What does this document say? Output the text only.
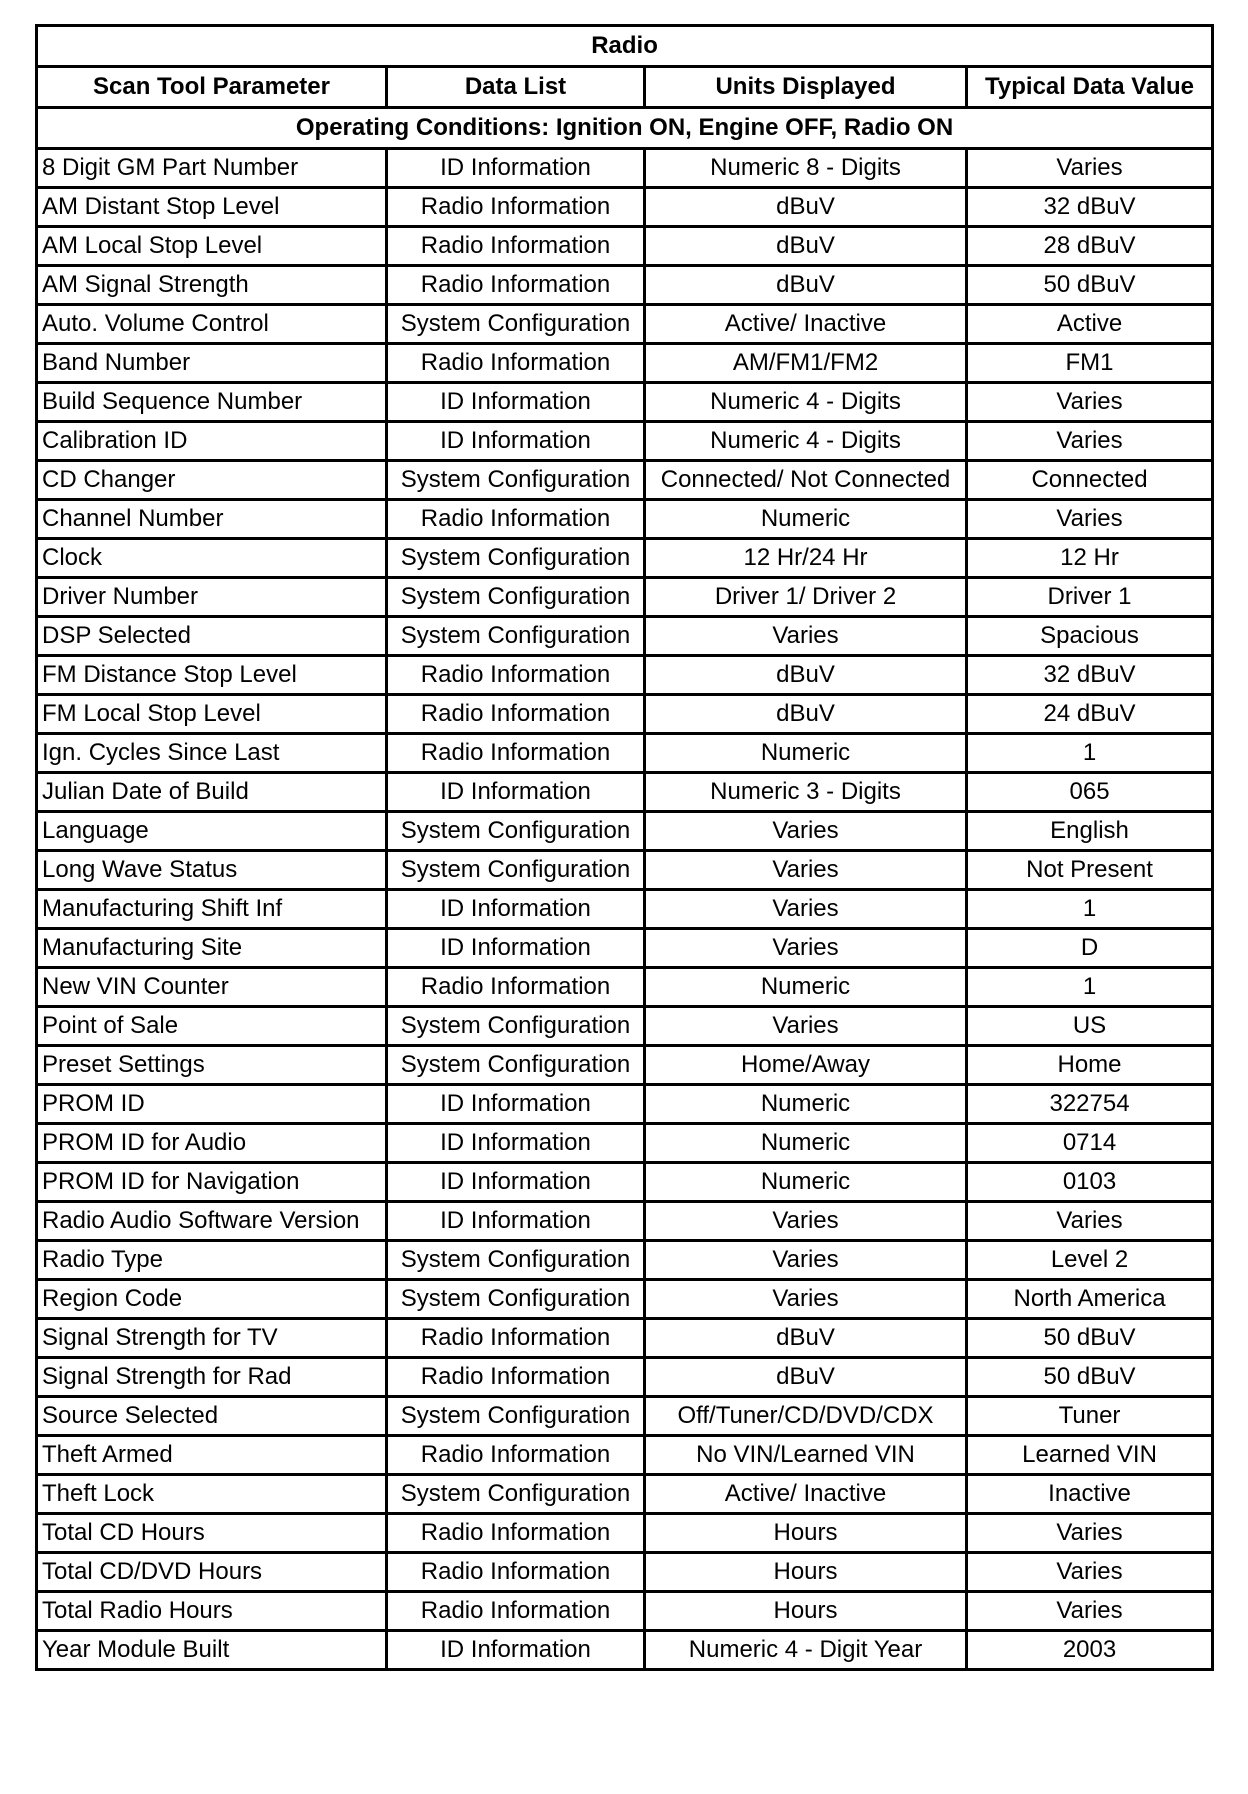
Radio			
Scan Tool Parameter	Data List	Units Displayed	Typical Data Value
Operating Conditions: Ignition ON, Engine OFF, Radio ON			
8 Digit GM Part Number	ID Information	Numeric 8 - Digits	Varies
AM Distant Stop Level	Radio Information	dBuV	32 dBuV
AM Local Stop Level	Radio Information	dBuV	28 dBuV
AM Signal Strength	Radio Information	dBuV	50 dBuV
Auto. Volume Control	System Configuration	Active/ Inactive	Active
Band Number	Radio Information	AM/FM1/FM2	FM1
Build Sequence Number	ID Information	Numeric 4 - Digits	Varies
Calibration ID	ID Information	Numeric 4 - Digits	Varies
CD Changer	System Configuration	Connected/ Not Connected	Connected
Channel Number	Radio Information	Numeric	Varies
Clock	System Configuration	12 Hr/24 Hr	12 Hr
Driver Number	System Configuration	Driver 1/ Driver 2	Driver 1
DSP Selected	System Configuration	Varies	Spacious
FM Distance Stop Level	Radio Information	dBuV	32 dBuV
FM Local Stop Level	Radio Information	dBuV	24 dBuV
Ign. Cycles Since Last	Radio Information	Numeric	1
Julian Date of Build	ID Information	Numeric 3 - Digits	065
Language	System Configuration	Varies	English
Long Wave Status	System Configuration	Varies	Not Present
Manufacturing Shift Inf	ID Information	Varies	1
Manufacturing Site	ID Information	Varies	D
New VIN Counter	Radio Information	Numeric	1
Point of Sale	System Configuration	Varies	US
Preset Settings	System Configuration	Home/Away	Home
PROM ID	ID Information	Numeric	322754
PROM ID for Audio	ID Information	Numeric	0714
PROM ID for Navigation	ID Information	Numeric	0103
Radio Audio Software Version	ID Information	Varies	Varies
Radio Type	System Configuration	Varies	Level 2
Region Code	System Configuration	Varies	North America
Signal Strength for TV	Radio Information	dBuV	50 dBuV
Signal Strength for Rad	Radio Information	dBuV	50 dBuV
Source Selected	System Configuration	Off/Tuner/CD/DVD/CDX	Tuner
Theft Armed	Radio Information	No VIN/Learned VIN	Learned VIN
Theft Lock	System Configuration	Active/ Inactive	Inactive
Total CD Hours	Radio Information	Hours	Varies
Total CD/DVD Hours	Radio Information	Hours	Varies
Total Radio Hours	Radio Information	Hours	Varies
Year Module Built	ID Information	Numeric 4 - Digit Year	2003
